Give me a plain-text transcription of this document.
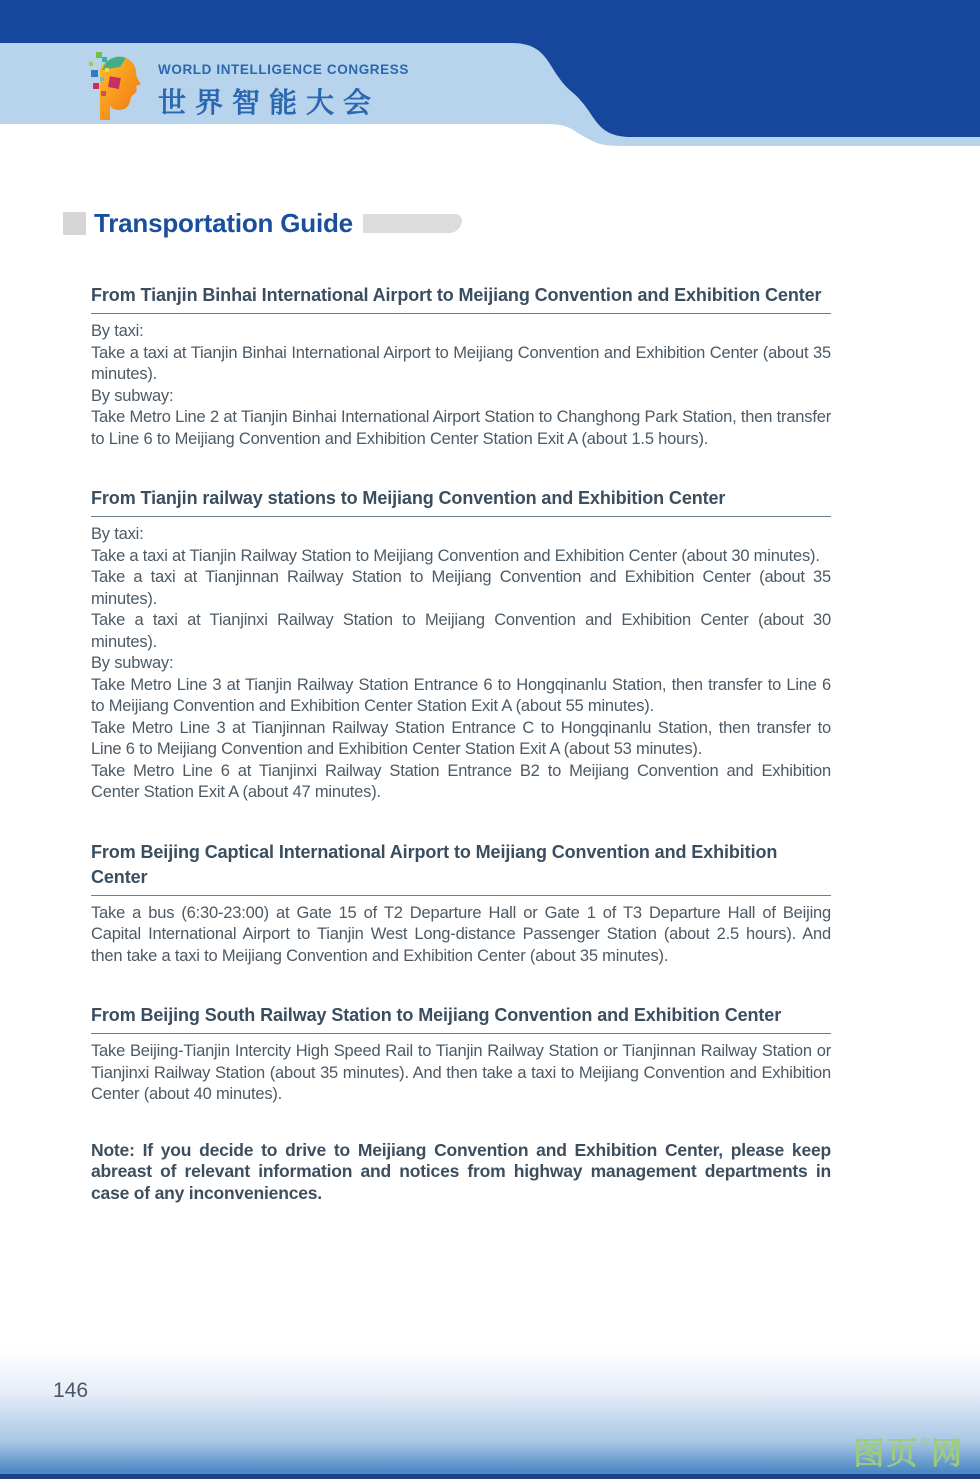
WORLD INTELLIGENCE CONGRESS
世界智能大会
Transportation Guide
From Tianjin Binhai International Airport to Meijiang Convention and Exhibition Center

By taxi:

Take a taxi at Tianjin Binhai International Airport to Meijiang Convention and Exhibition Center (about 35 minutes).

By subway:

Take Metro Line 2 at Tianjin Binhai International Airport Station to Changhong Park Station, then transfer to Line 6 to Meijiang Convention and Exhibition Center Station Exit A (about 1.5 hours).

From Tianjin railway stations to Meijiang Convention and Exhibition Center

By taxi:

Take a taxi at Tianjin Railway Station to Meijiang Convention and Exhibition Center (about 30 minutes).

Take a taxi at Tianjinnan Railway Station to Meijiang Convention and Exhibition Center (about 35 minutes).

Take a taxi at Tianjinxi Railway Station to Meijiang Convention and Exhibition Center (about 30 minutes).

By subway:

Take Metro Line 3 at Tianjin Railway Station Entrance 6 to Hongqinanlu Station, then transfer to Line 6 to Meijiang Convention and Exhibition Center Station Exit A (about 55 minutes).

Take Metro Line 3 at Tianjinnan Railway Station Entrance C to Hongqinanlu Station, then transfer to Line 6 to Meijiang Convention and Exhibition Center Station Exit A (about 53 minutes).

Take Metro Line 6 at Tianjinxi Railway Station Entrance B2 to Meijiang Convention and Exhibition Center Station Exit A (about 47 minutes).

From Beijing Captical International Airport to Meijiang Convention and Exhibition Center

Take a bus (6:30-23:00) at Gate 15 of T2 Departure Hall or Gate 1 of T3 Departure Hall of Beijing Capital International Airport to Tianjin West Long-distance Passenger Station (about 2.5 hours). And then take a taxi to Meijiang Convention and Exhibition Center (about 35 minutes).

From Beijing South Railway Station to Meijiang Convention and Exhibition Center

Take Beijing-Tianjin Intercity High Speed Rail to Tianjin Railway Station or Tianjinnan Railway Station or Tianjinxi Railway Station (about 35 minutes). And then take a taxi to Meijiang Convention and Exhibition Center (about 40 minutes).

Note: If you decide to drive to Meijiang Convention and Exhibition Center, please keep abreast of relevant information and notices from highway management departments in case of any inconveniences.

146
图页®网
